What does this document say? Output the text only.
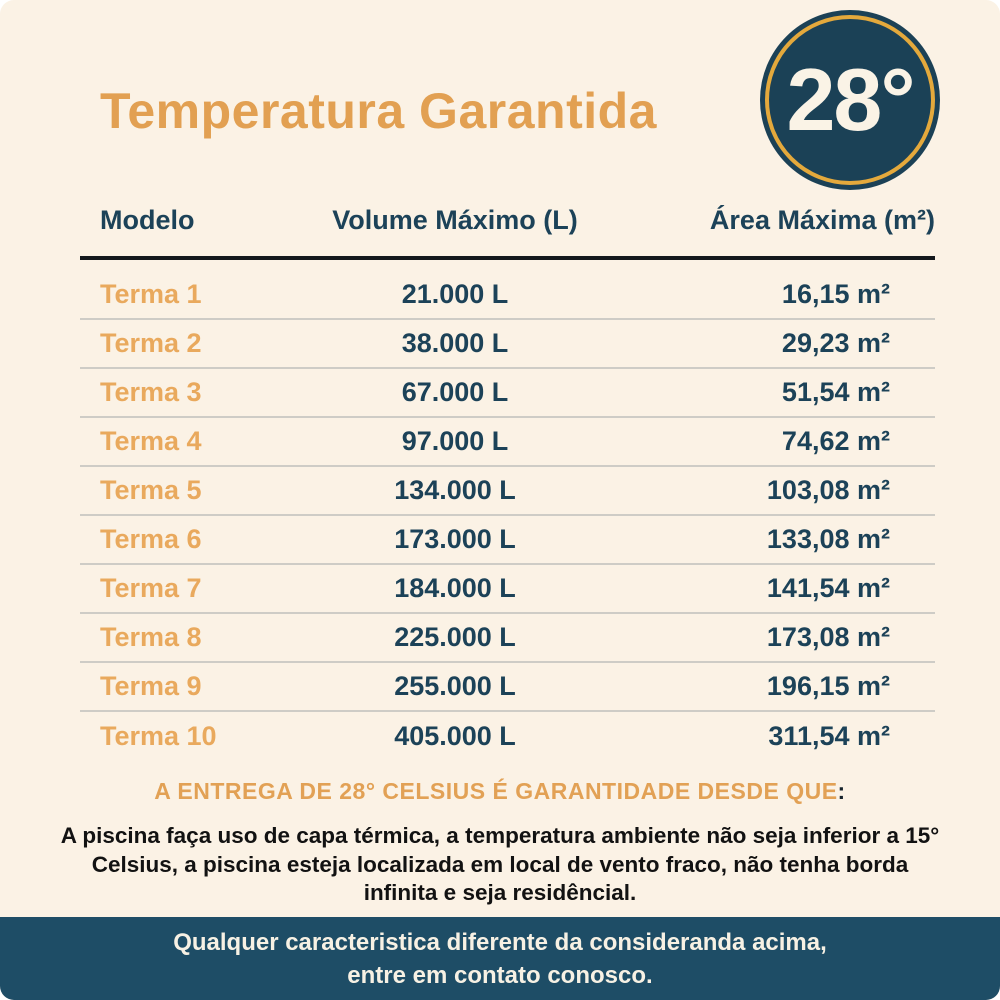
Temperatura Garantida 28°
Modelo	Volume Máximo (L)	Área Máxima (m²)
Terma 1	21.000 L	16,15 m²
Terma 2	38.000 L	29,23 m²
Terma 3	67.000 L	51,54 m²
Terma 4	97.000 L	74,62 m²
Terma 5	134.000 L	103,08 m²
Terma 6	173.000 L	133,08 m²
Terma 7	184.000 L	141,54 m²
Terma 8	225.000 L	173,08 m²
Terma 9	255.000 L	196,15 m²
Terma 10	405.000 L	311,54 m²
A ENTREGA DE 28° CELSIUS É GARANTIDADE DESDE QUE:
A piscina faça uso de capa térmica, a temperatura ambiente não seja inferior a 15° Celsius, a piscina esteja localizada em local de vento fraco, não tenha borda infinita e seja residêncial.
Qualquer caracteristica diferente da consideranda acima,
entre em contato conosco.
